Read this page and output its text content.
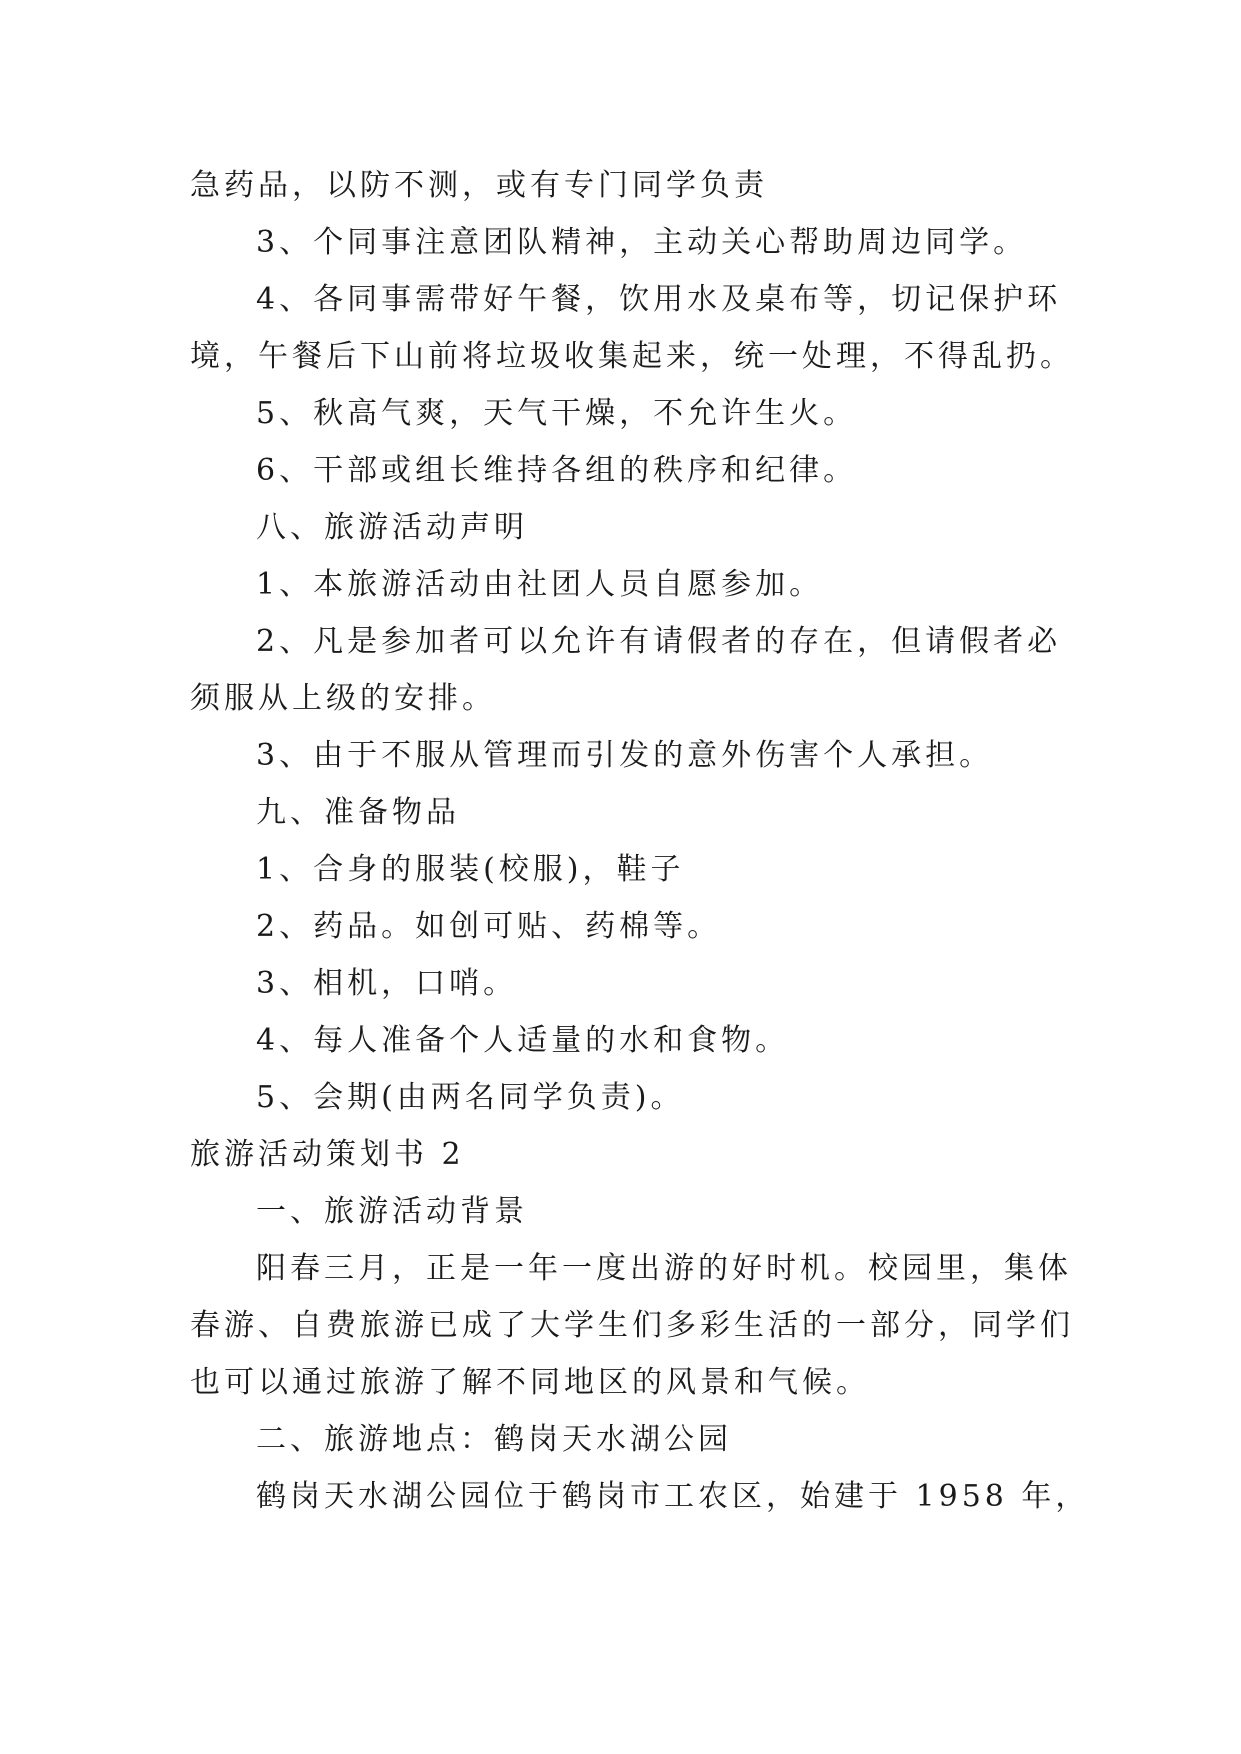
急药品，以防不测，或有专门同学负责
3、个同事注意团队精神，主动关心帮助周边同学。
4、各同事需带好午餐，饮用水及桌布等，切记保护环
境，午餐后下山前将垃圾收集起来，统一处理，不得乱扔。
5、秋高气爽，天气干燥，不允许生火。
6、干部或组长维持各组的秩序和纪律。
八、旅游活动声明
1、本旅游活动由社团人员自愿参加。
2、凡是参加者可以允许有请假者的存在，但请假者必
须服从上级的安排。
3、由于不服从管理而引发的意外伤害个人承担。
九、准备物品
1、合身的服装(校服)，鞋子
2、药品。如创可贴、药棉等。
3、相机，口哨。
4、每人准备个人适量的水和食物。
5、会期(由两名同学负责)。
旅游活动策划书 2
一、旅游活动背景
阳春三月，正是一年一度出游的好时机。校园里，集体
春游、自费旅游已成了大学生们多彩生活的一部分，同学们
也可以通过旅游了解不同地区的风景和气候。
二、旅游地点：鹤岗天水湖公园
鹤岗天水湖公园位于鹤岗市工农区，始建于 1958 年，
